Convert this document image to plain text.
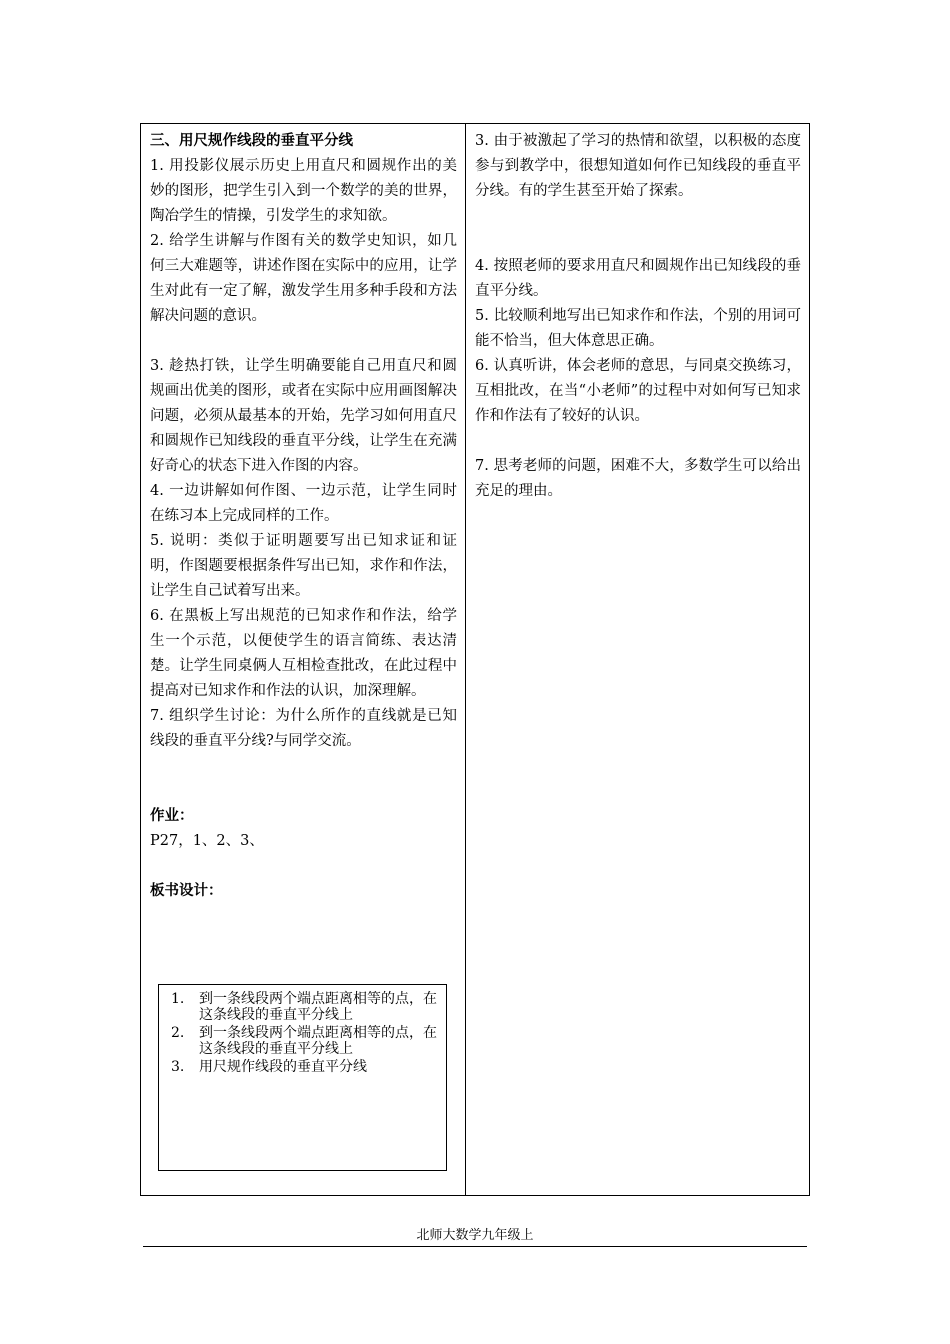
三、用尺规作线段的垂直平分线

1. 用投影仪展示历史上用直尺和圆规作出的美妙的图形，把学生引入到一个数学的美的世界，陶冶学生的情操，引发学生的求知欲。

2. 给学生讲解与作图有关的数学史知识，如几何三大难题等，讲述作图在实际中的应用，让学生对此有一定了解，激发学生用多种手段和方法解决问题的意识。

3. 趁热打铁，让学生明确要能自己用直尺和圆规画出优美的图形，或者在实际中应用画图解决问题，必须从最基本的开始，先学习如何用直尺和圆规作已知线段的垂直平分线，让学生在充满好奇心的状态下进入作图的内容。

4. 一边讲解如何作图、一边示范，让学生同时在练习本上完成同样的工作。

5. 说明：类似于证明题要写出已知求证和证明，作图题要根据条件写出已知，求作和作法，让学生自己试着写出来。

6. 在黑板上写出规范的已知求作和作法，给学生一个示范，以便使学生的语言简练、表达清楚。让学生同桌俩人互相检查批改，在此过程中提高对已知求作和作法的认识，加深理解。

7. 组织学生讨论：为什么所作的直线就是已知线段的垂直平分线?与同学交流。

作业：

P27，1、2、3、

板书设计：

1.	到一条线段两个端点距离相等的点，在这条线段的垂直平分线上
2.	到一条线段两个端点距离相等的点，在这条线段的垂直平分线上
3.	用尺规作线段的垂直平分线

3. 由于被激起了学习的热情和欲望，以积极的态度参与到教学中，很想知道如何作已知线段的垂直平分线。有的学生甚至开始了探索。

4. 按照老师的要求用直尺和圆规作出已知线段的垂直平分线。

5. 比较顺利地写出已知求作和作法，个别的用词可能不恰当，但大体意思正确。

6. 认真听讲，体会老师的意思，与同桌交换练习，互相批改，在当“小老师”的过程中对如何写已知求作和作法有了较好的认识。

7. 思考老师的问题，困难不大，多数学生可以给出充足的理由。

北师大数学九年级上
